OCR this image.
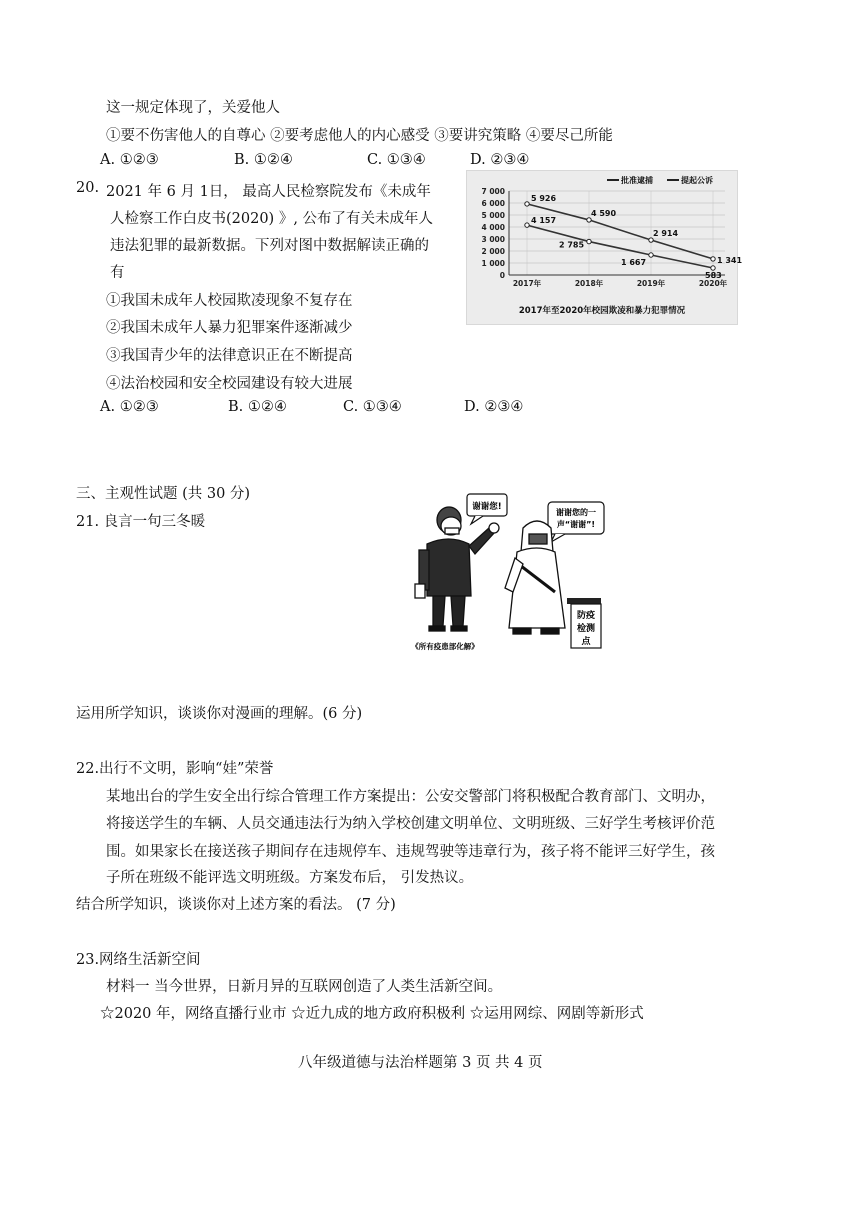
这一规定体现了，关爱他人
①要不伤害他人的自尊心 ②要考虑他人的内心感受 ③要讲究策略 ④要尽己所能
A. ①②③	B. ①②④	C. ①③④	D. ②③④
20. 2021 年 6 月 1日， 最高人民检察院发布《未成年
人检察工作白皮书(2020) 》, 公布了有关未成年人
违法犯罪的最新数据。下列对图中数据解读正确的
有
①我国未成年人校园欺凌现象不复存在
②我国未成年人暴力犯罪案件逐渐减少
③我国青少年的法律意识正在不断提高
④法治校园和安全校园建设有较大进展
A. ①②③	B. ①②④	C. ①③④	D. ②③④
7 000
6 000
5 000
4 000
3 000
2 000
1 000
0
2017年	2018年	2019年	2020年
5 926
4 590
2 914
1 341
4 157
2 785
1 667
583
批准逮捕	提起公诉
2017年至2020年校园欺凌和暴力犯罪情况
三、主观性试题 (共 30 分)
21. 良言一句三冬暖
谢谢您!
谢谢您的一
声“谢谢”!
防疫
检测
点
《所有疫患部化解》
运用所学知识，谈谈你对漫画的理解。(6 分)
22.出行不文明，影响“娃”荣誉
某地出台的学生安全出行综合管理工作方案提出：公安交警部门将积极配合教育部门、文明办，
将接送学生的车辆、人员交通违法行为纳入学校创建文明单位、文明班级、三好学生考核评价范
围。如果家长在接送孩子期间存在违规停车、违规驾驶等违章行为，孩子将不能评三好学生，孩
子所在班级不能评选文明班级。方案发布后， 引发热议。
结合所学知识，谈谈你对上述方案的看法。 (7 分)
23.网络生活新空间
材料一 当今世界，日新月异的互联网创造了人类生活新空间。
☆2020 年，网络直播行业市 ☆近九成的地方政府积极利 ☆运用网综、网剧等新形式
八年级道德与法治样题第 3 页 共 4 页
